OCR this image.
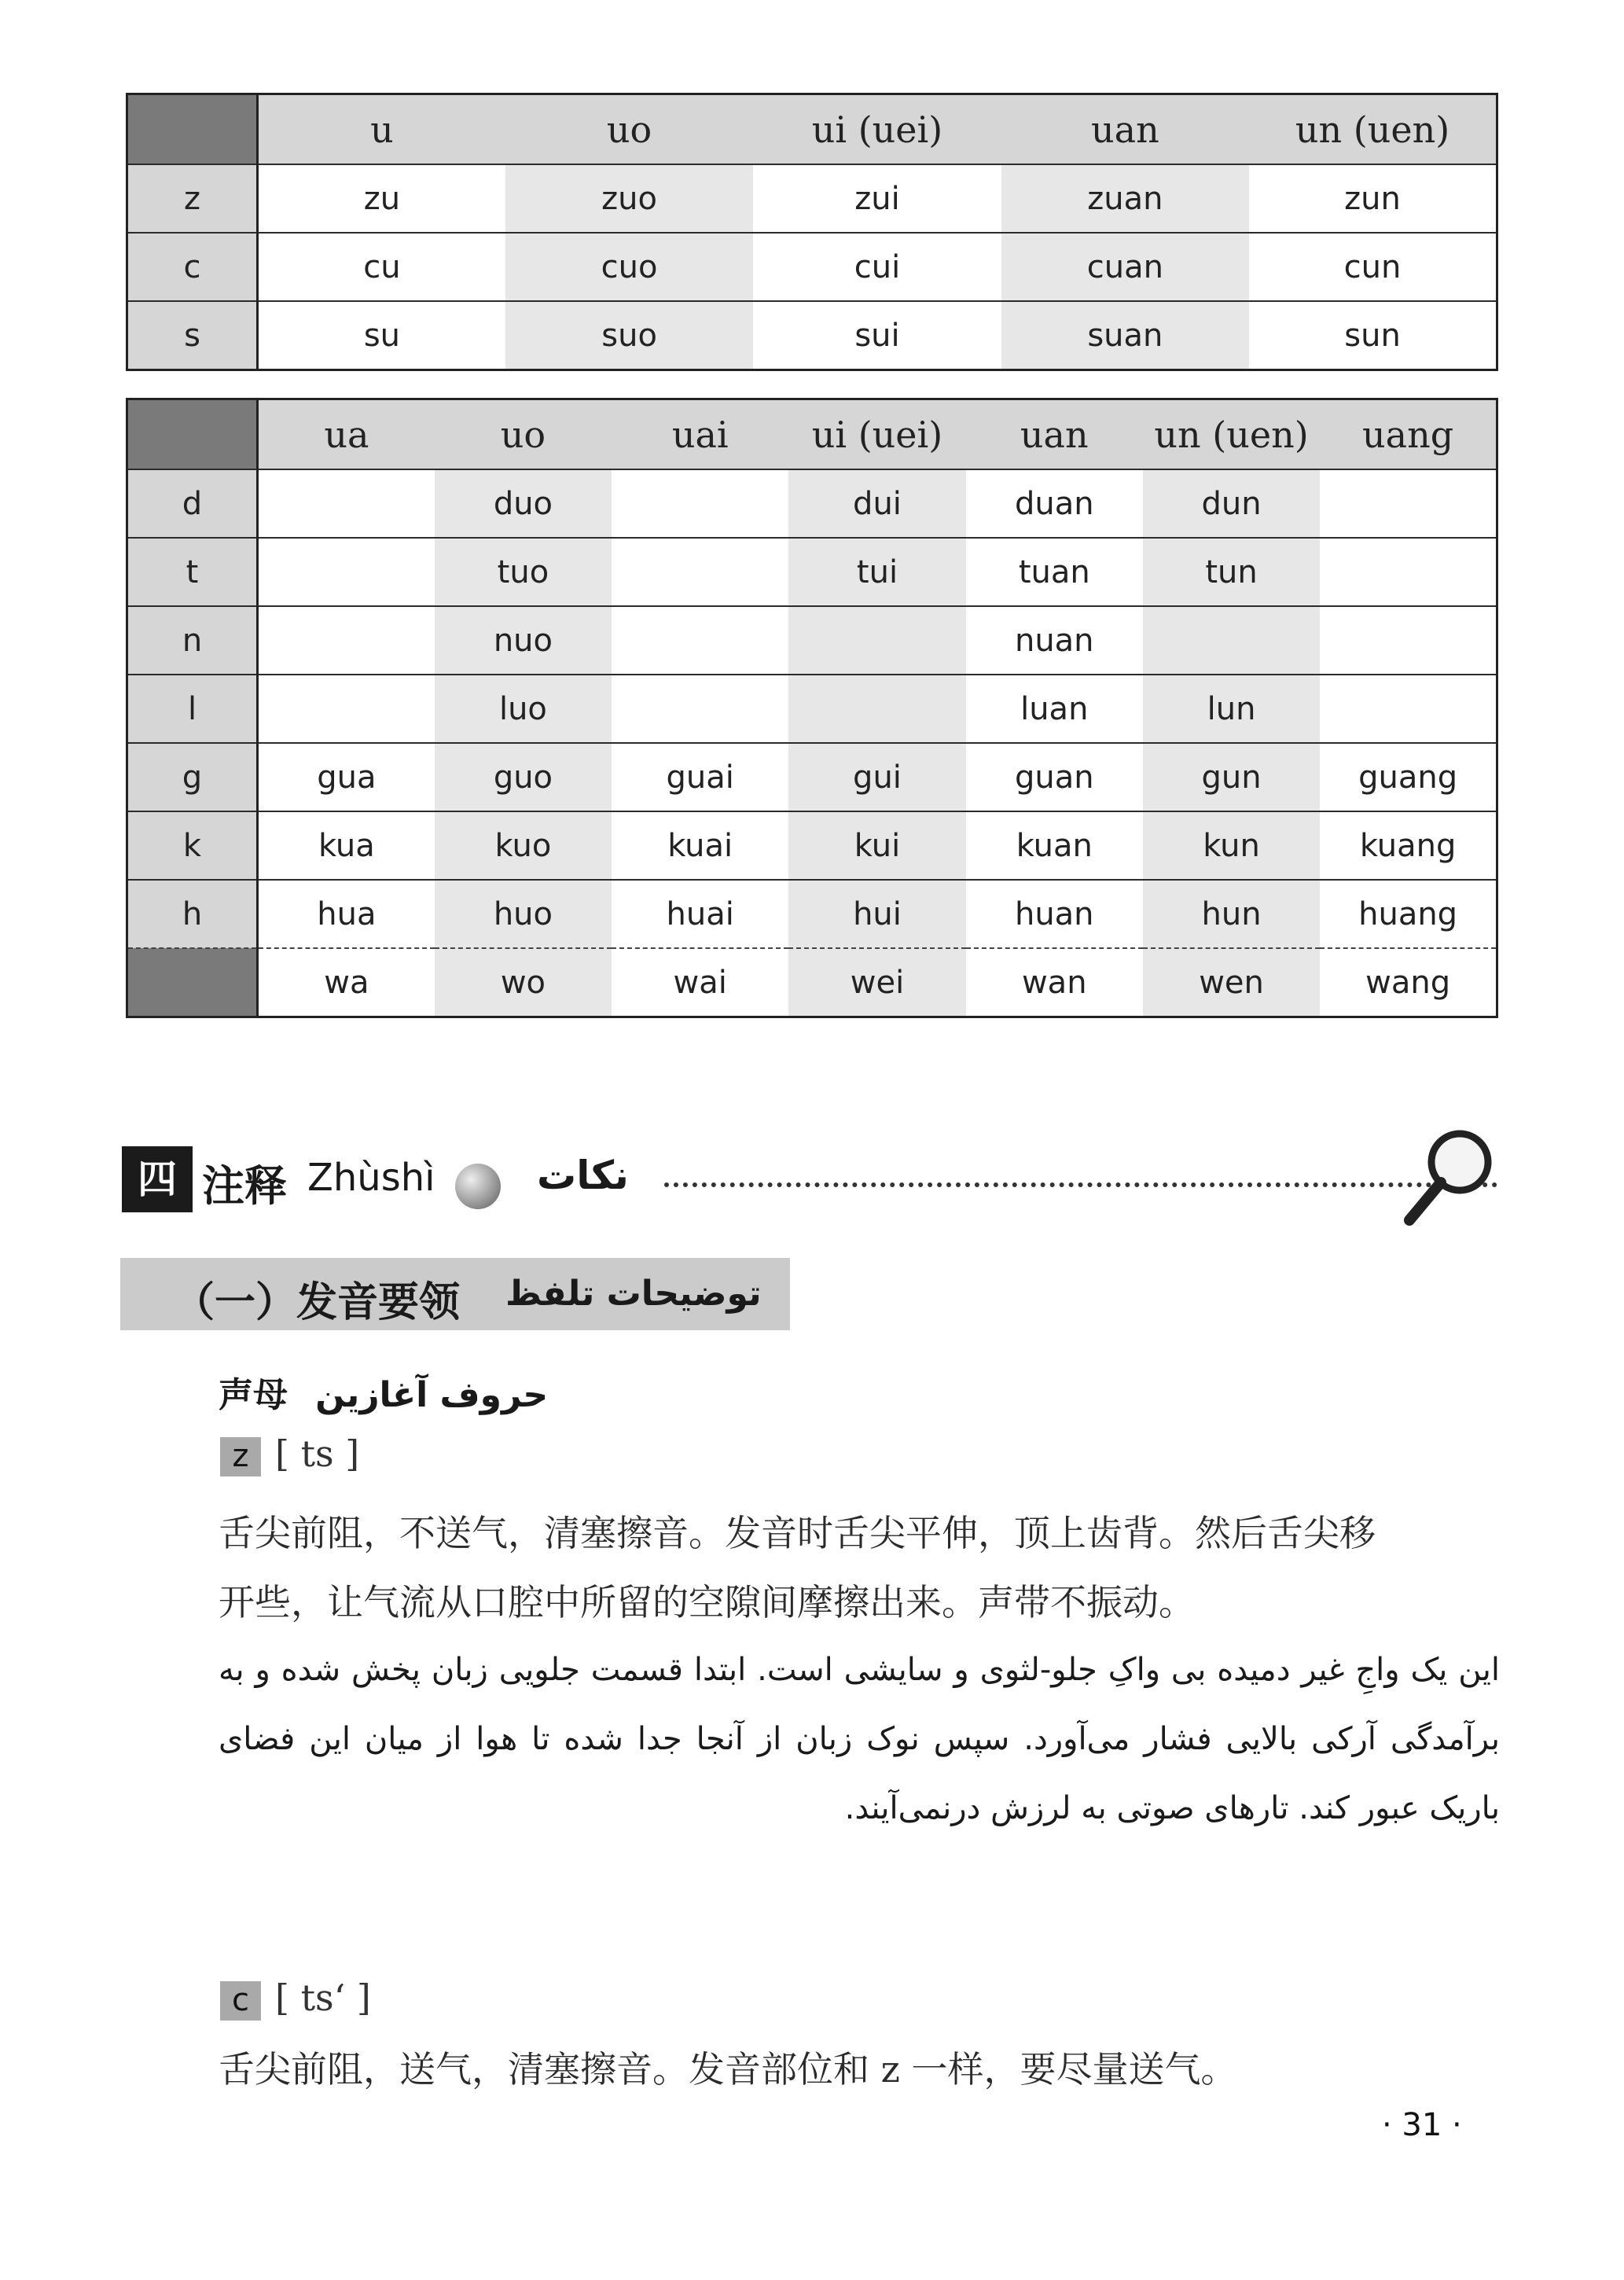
	u	uo	ui (uei)	uan	un (uen)
z	zu	zuo	zui	zuan	zun
c	cu	cuo	cui	cuan	cun
s	su	suo	sui	suan	sun
	ua	uo	uai	ui (uei)	uan	un (uen)	uang
d		duo		dui	duan	dun	
t		tuo		tui	tuan	tun	
n		nuo			nuan		
l		luo			luan	lun	
g	gua	guo	guai	gui	guan	gun	guang
k	kua	kuo	kuai	kui	kuan	kun	kuang
h	hua	huo	huai	hui	huan	hun	huang
	wa	wo	wai	wei	wan	wen	wang
四 注释 Zhùshì	نکات
（一）发音要领 توضیحات تلفظ
声母 حروف آغازین
z [ ts ]
舌尖前阻，不送气，清塞擦音。发音时舌尖平伸，顶上齿背。然后舌尖移
开些，让气流从口腔中所留的空隙间摩擦出来。声带不振动。

این یک واجِ غیر دمیده بی واکِ جلو-لثوی و سایشی است. ابتدا قسمت جلویی زبان پخش شده و به برآمدگی آرکی بالایی فشار می‌آورد. سپس نوک زبان از آنجا جدا شده تا هوا از میان این فضای باریک عبور کند. تارهای صوتی به لرزش درنمی‌آیند.

c [ tsʻ ]

舌尖前阻，送气，清塞擦音。发音部位和 z 一样，要尽量送气。

· 31 ·
